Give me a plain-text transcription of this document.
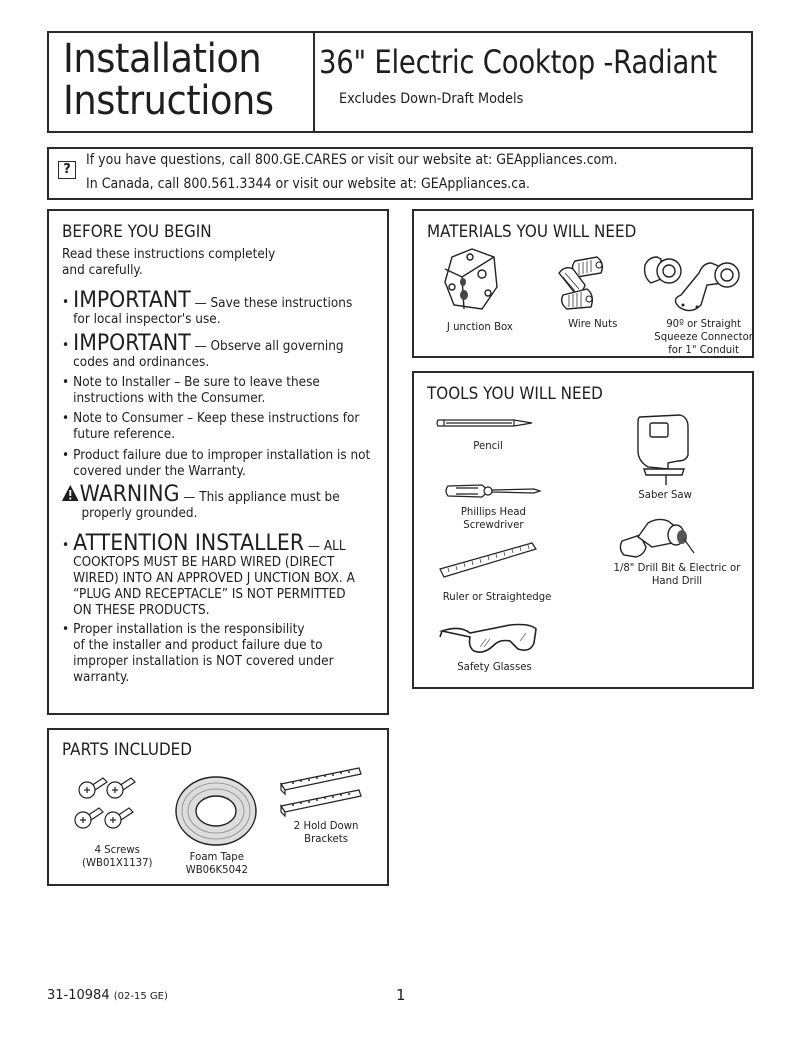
Installation
Instructions
36" Electric Cooktop -Radiant
Excludes Down-Draft Models
?
If you have questions, call 800.GE.CARES or visit our website at: GEAppliances.com.
In Canada, call 800.561.3344 or visit our website at: GEAppliances.ca.
BEFORE YOU BEGIN
Read these instructions completely
and carefully.
• IMPORTANT — Save these instructions
for local inspector's use.
• IMPORTANT — Observe all governing
codes and ordinances.
• Note to Installer – Be sure to leave these
instructions with the Consumer.
• Note to Consumer – Keep these instructions for
future reference.
• Product failure due to improper installation is not
covered under the Warranty.
WARNING — This appliance must be
properly grounded.
• ATTENTION INSTALLER — ALL
COOKTOPS MUST BE HARD WIRED (DIRECT
WIRED) INTO AN APPROVED J UNCTION BOX. A
“PLUG AND RECEPTACLE” IS NOT PERMITTED
ON THESE PRODUCTS.
• Proper installation is the responsibility
of the installer and product failure due to
improper installation is NOT covered under
warranty.
MATERIALS YOU WILL NEED
J unction Box	Wire Nuts	90º or Straight
Squeeze Connector
for 1" Conduit
TOOLS YOU WILL NEED
Pencil
Phillips Head
Screwdriver
Ruler or Straightedge
Safety Glasses
Saber Saw
1/8" Drill Bit & Electric or
Hand Drill
PARTS INCLUDED
4 Screws
(WB01X1137)	Foam Tape
WB06K5042
2 Hold Down
Brackets
31-10984 (02-15 GE)	1
